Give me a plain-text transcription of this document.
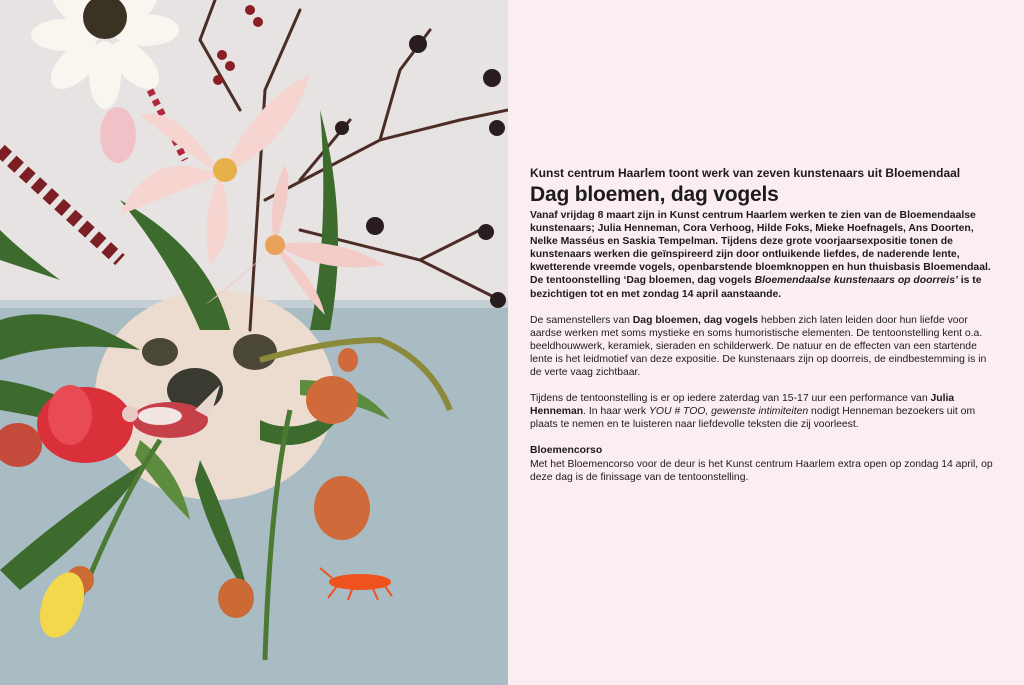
Kunst centrum Haarlem toont werk van zeven kunstenaars uit Bloemendaal

Dag bloemen, dag vogels

Vanaf vrijdag 8 maart zijn in Kunst centrum Haarlem werken te zien van de Bloemendaalse kunstenaars; Julia Henneman, Cora Verhoog, Hilde Foks, Mieke Hoefnagels, Ans Doorten, Nelke Masséus en Saskia Tempelman. Tijdens deze grote voorjaarsexpositie tonen de kunstenaars werken die geïnspireerd zijn door ontluikende liefdes, de naderende lente, kwetterende vreemde vogels, openbarstende bloemknoppen en hun thuisbasis Bloemendaal. De tentoonstelling ‘Dag bloemen, dag vogels Bloemendaalse kunstenaars op doorreis’ is te bezichtigen tot en met zondag 14 april aanstaande.

De samenstellers van Dag bloemen, dag vogels hebben zich laten leiden door hun liefde voor aardse werken met soms mystieke en soms humoristische elementen. De tentoonstelling kent o.a. beeldhouwwerk, keramiek, sieraden en schilderwerk. De natuur en de effecten van een startende lente is het leidmotief van deze expositie. De kunstenaars zijn op doorreis, de eindbestemming is in de verte vaag zichtbaar.

Tijdens de tentoonstelling is er op iedere zaterdag van 15-17 uur een performance van Julia Henneman. In haar werk YOU # TOO, gewenste intimiteiten nodigt Henneman bezoekers uit om plaats te nemen en te luisteren naar liefdevolle teksten die zij voorleest.

Bloemencorso

Met het Bloemencorso voor de deur is het Kunst centrum Haarlem extra open op zondag 14 april, op deze dag is de finissage van de tentoonstelling.
